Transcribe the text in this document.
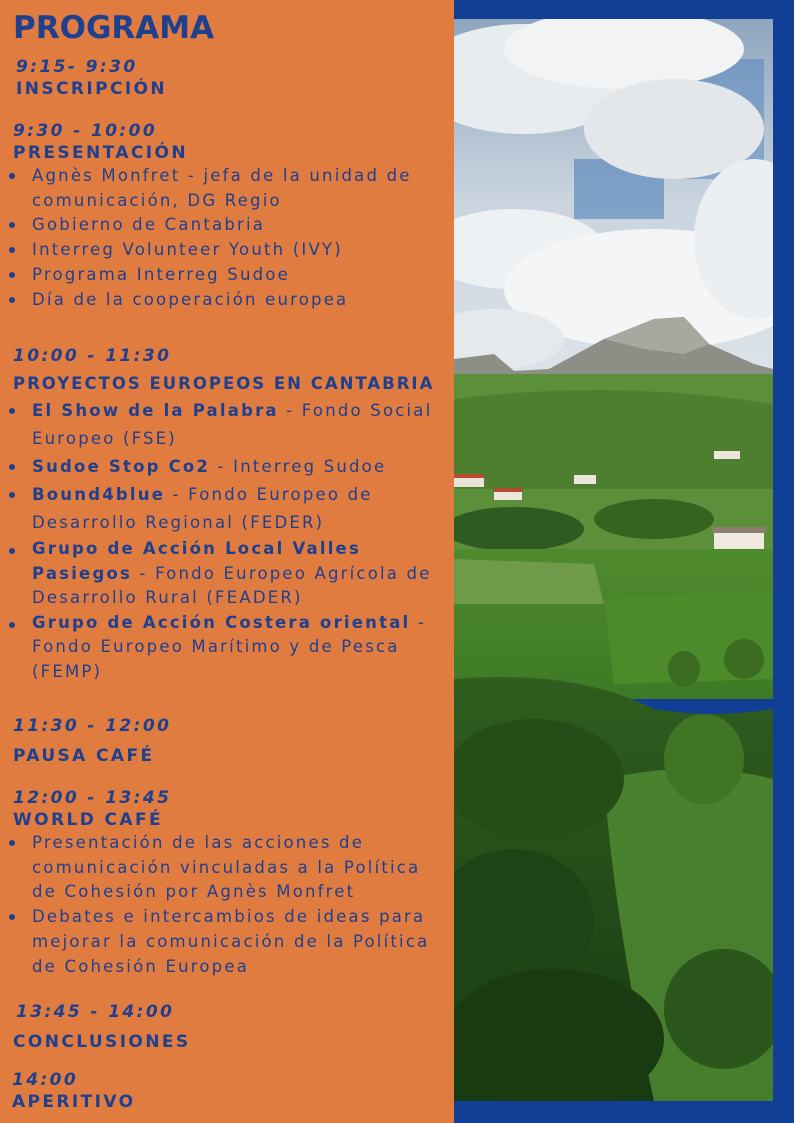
PROGRAMA
9:15- 9:30
INSCRIPCIÓN
9:30 - 10:00
PRESENTACIÓN
Agnès Monfret - jefa de la unidad de comunicación, DG Regio
Gobierno de Cantabria
Interreg Volunteer Youth (IVY)
Programa Interreg Sudoe
Día de la cooperación europea
10:00 - 11:30
PROYECTOS EUROPEOS EN CANTABRIA
El Show de la Palabra - Fondo Social Europeo (FSE)
Sudoe Stop Co2 - Interreg Sudoe
Bound4blue - Fondo Europeo de Desarrollo Regional (FEDER)
Grupo de Acción Local Valles Pasiegos - Fondo Europeo Agrícola de Desarrollo Rural (FEADER)
Grupo de Acción Costera oriental - Fondo Europeo Marítimo y de Pesca (FEMP)
11:30 - 12:00
PAUSA CAFÉ
12:00 - 13:45
WORLD CAFÉ
Presentación de las acciones de comunicación vinculadas a la Política de Cohesión por Agnès Monfret
Debates e intercambios de ideas para mejorar la comunicación de la Política de Cohesión Europea
13:45 - 14:00
CONCLUSIONES
14:00
APERITIVO
